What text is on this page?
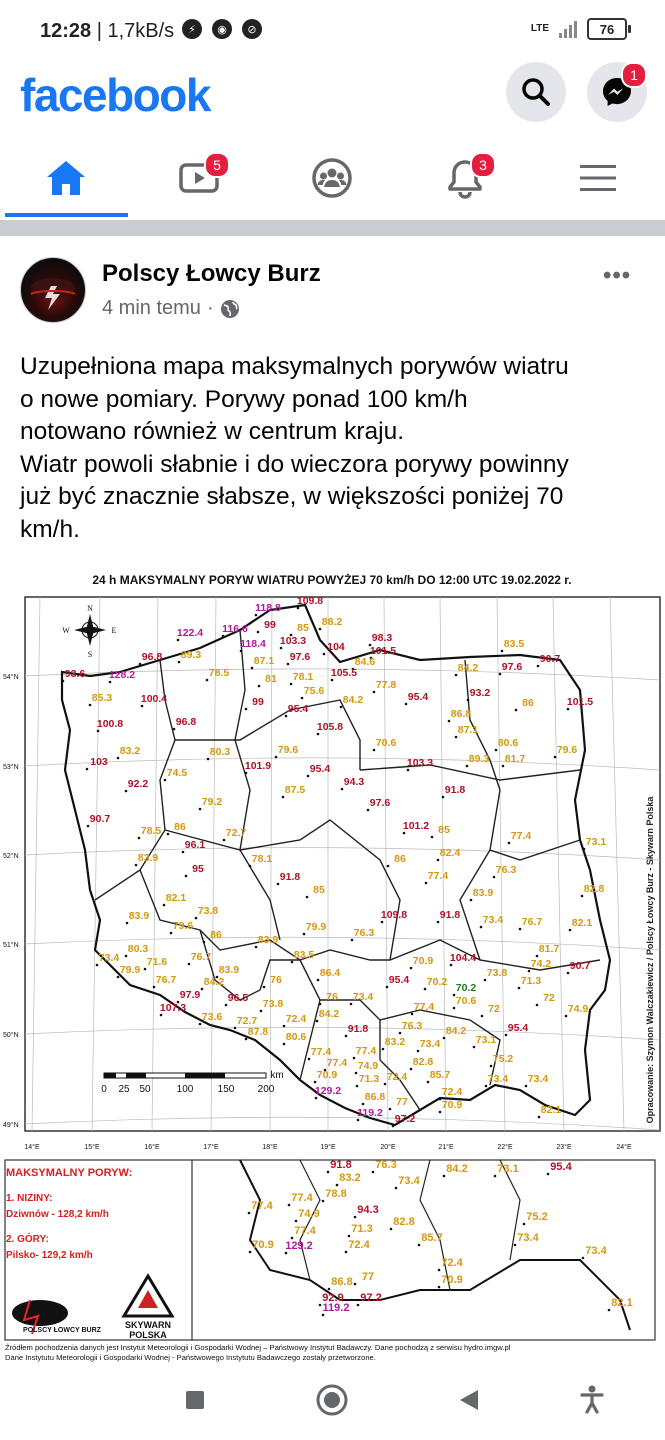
12:28 | 1,7kB/s	⚡	◉	⊘	LTE	76
facebook	1
5	3
Polscy Łowcy Burz
4 min temu ·
•••
Uzupełniona mapa maksymalnych porywów wiatru
o nowe pomiary. Porywy ponad 100 km/h
notowano również w centrum kraju.
Wiatr powoli słabnie i do wieczora porywy powinny
już być znacznie słabsze, w większości poniżej 70
km/h.
24 h MAKSYMALNY PORYW WIATRU POWYŻEJ 70 km/h DO 12:00 UTC 19.02.2022 r.
N
S
W	E
0 25 50	100 150 200
km	Opracowanie: Szymon Walczakiewicz / Polscy Łowcy Burz - Skywarn Polska
54°N
53°N
52°N
51°N
50°N
49°N
14°E	15°E	16°E	17°E	18°E	19°E	20°E	21°E	22°E	23°E	24°E
118.8
109.8
122.4 116.6 99 85 88.2
118.4 103.3 104
98.3
101.5
83.5
96.8 89.3	87.1 97.6	84.6	84.2 97.6
90.7
93.6 128.2	78.5	81 78.1 105.5
77.8
93.2
75.6
85.3	100.4	99	84.2	95.4	86	101.5
95.4	86.8
100.8	96.8	105.8	87.1
80.3	79.6
70.6	80.6
79.6
83.2
103	101.9	103.3	89.3 81.7
74.5	95.4
92.2	94.3
87.5	91.8
79.2	97.6
90.7
86	101.2 85
78.5	72.7	77.4	73.1
96.1
82.4
83.9	78.1	86
95	76.3
91.8	77.4
82.8
82.1
85	83.9
73.8	109.8	91.8 73.4 76.7	82.1
83.9
79.6	79.9	76.3
86	83.9
80.3	81.7
83.5	70.9 104.4
73.4	71.6 76.7
74.2 90.7
79.9	83.9	86.4	73.8
76	95.4 70.2 70.2
71.3
76.7	84.2
76 73.4	72
74.9
97.9	96.5	70.6
77.4	72
107.3	73.8
84.2
73.6 72.7	72.4
91.8	76.3 84.2	95.4
87.8 80.6	83.2 73.4	73.1
77.4 77.4
82.8	75.2
77.4 74.9
70.9 71.3 72.4 85.7	73.4 73.4
129.2	72.4
86.8 77	70.9	82.1
119.2 97.2
91.8 76.3	84.2	73.1	95.4
83.2	73.4
78.8
77.4
75.2
77.4	94.3
74.9
82.8
71.3
77.4
73.4
85.7
72.4
70.9 129.2	73.4
72.4
77	70.9
86.8
92.9 97.2
119.2	82.1
MAKSYMALNY PORYW:
1. NIZINY:
Dziwnów - 128,2 km/h
2. GÓRY:
Pilsko- 129,2 km/h
POLSCY ŁOWCY BURZ
SKYWARN
POLSKA
Źródłem pochodzenia danych jest Instytut Meteorologii i Gospodarki Wodnej – Państwowy Instytut Badawczy. Dane pochodzą z serwisu hydro.imgw.pl
Dane Instytutu Meteorologii i Gospodarki Wodnej - Państwowego Instytutu Badawczego zostały przetworzone.
